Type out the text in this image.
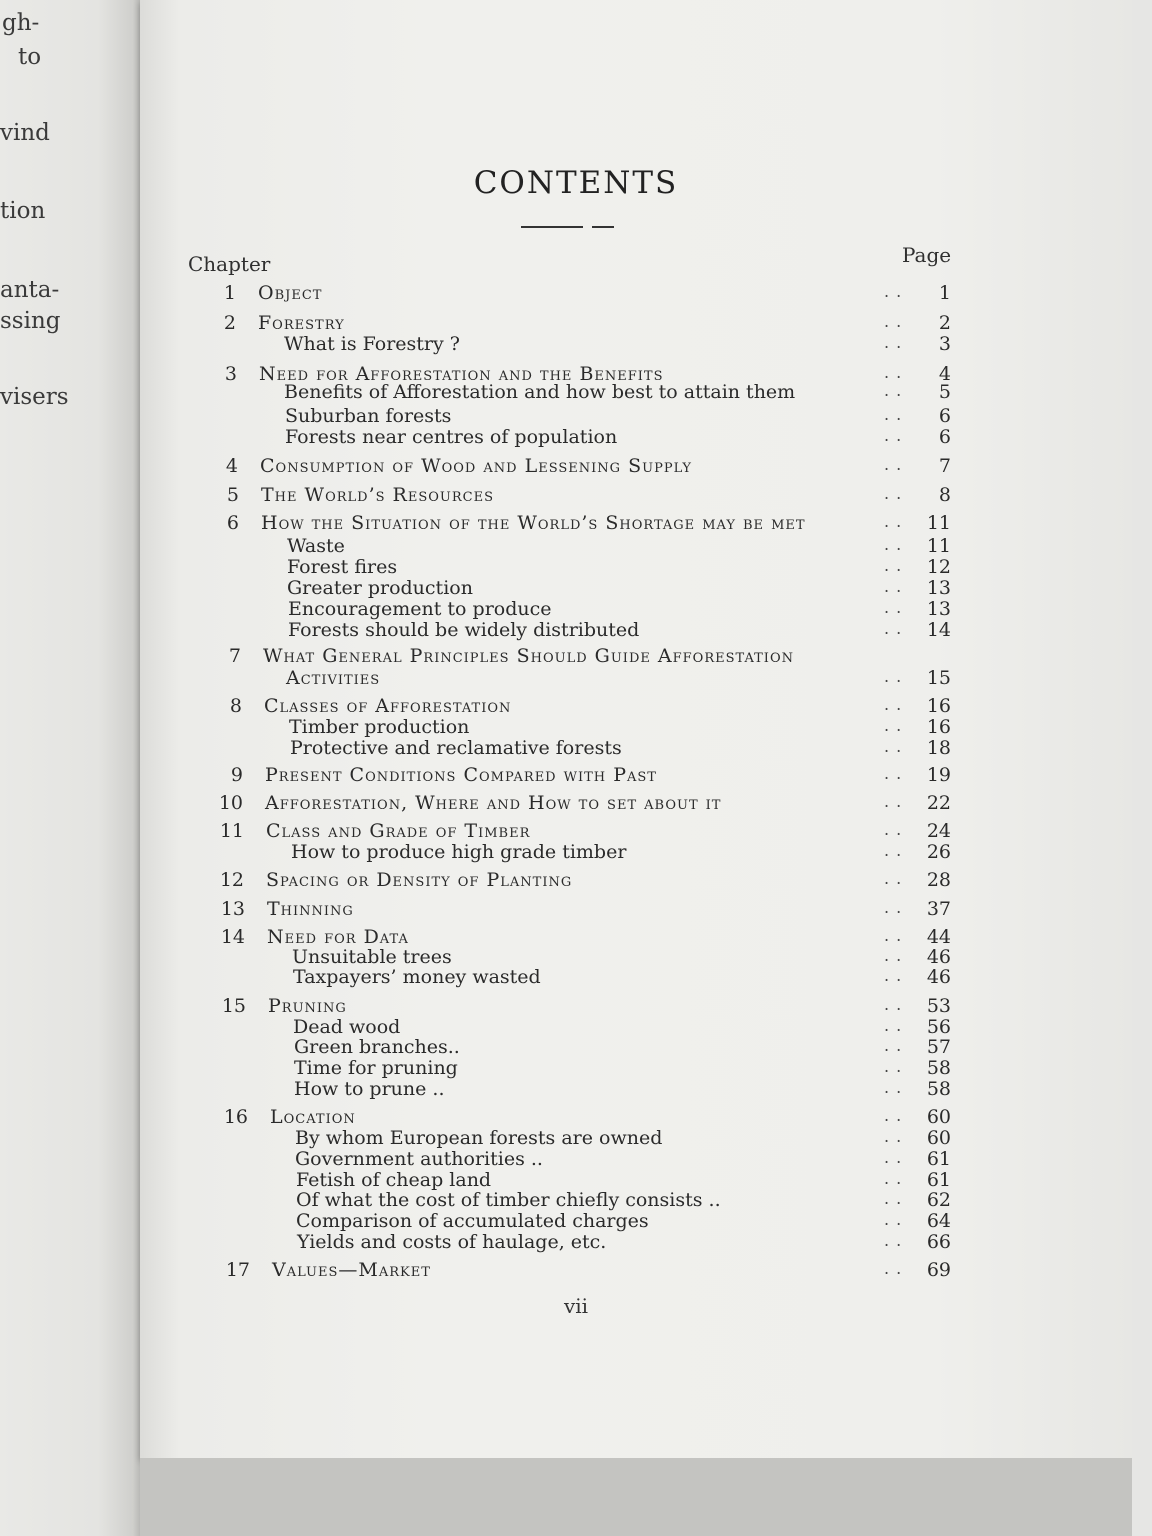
gh-
to
vind
tion
anta-
ssing
visers
CONTENTS
Chapter	Page
1 Object	. .	1
2 Forestry	. .	2
What is Forestry ?	. .	3
3 Need for Afforestation and the Benefits	. .	4
Benefits of Afforestation and how best to attain them	. .	5
Suburban forests	. .	6
Forests near centres of population	. .	6
4 Consumption of Wood and Lessening Supply	. .	7
5 The World’s Resources	. .	8
6 How the Situation of the World’s Shortage may be met	. .	11
Waste	. .	11
Forest fires	. .	12
Greater production	. .	13
Encouragement to produce	. .	13
Forests should be widely distributed	. .	14
7 What General Principles Should Guide Afforestation
Activities	. .	15
8 Classes of Afforestation	. .	16
Timber production	. .	16
Protective and reclamative forests	. .	18
9 Present Conditions Compared with Past	. .	19
10 Afforestation, Where and How to set about it	. .	22
11 Class and Grade of Timber	. .	24
How to produce high grade timber	. .	26
12 Spacing or Density of Planting	. .	28
13 Thinning	. .	37
14 Need for Data	. .	44
Unsuitable trees	. .	46
Taxpayers’ money wasted	. .	46
15 Pruning	. .	53
Dead wood	. .	56
Green branches..	. .	57
Time for pruning	. .	58
How to prune ..	. .	58
16 Location	. .	60
By whom European forests are owned	. .	60
Government authorities ..	. .	61
Fetish of cheap land	. .	61
Of what the cost of timber chiefly consists ..	. .	62
Comparison of accumulated charges	. .	64
Yields and costs of haulage, etc.	. .	66
17 Values—Market	. .	69
vii
